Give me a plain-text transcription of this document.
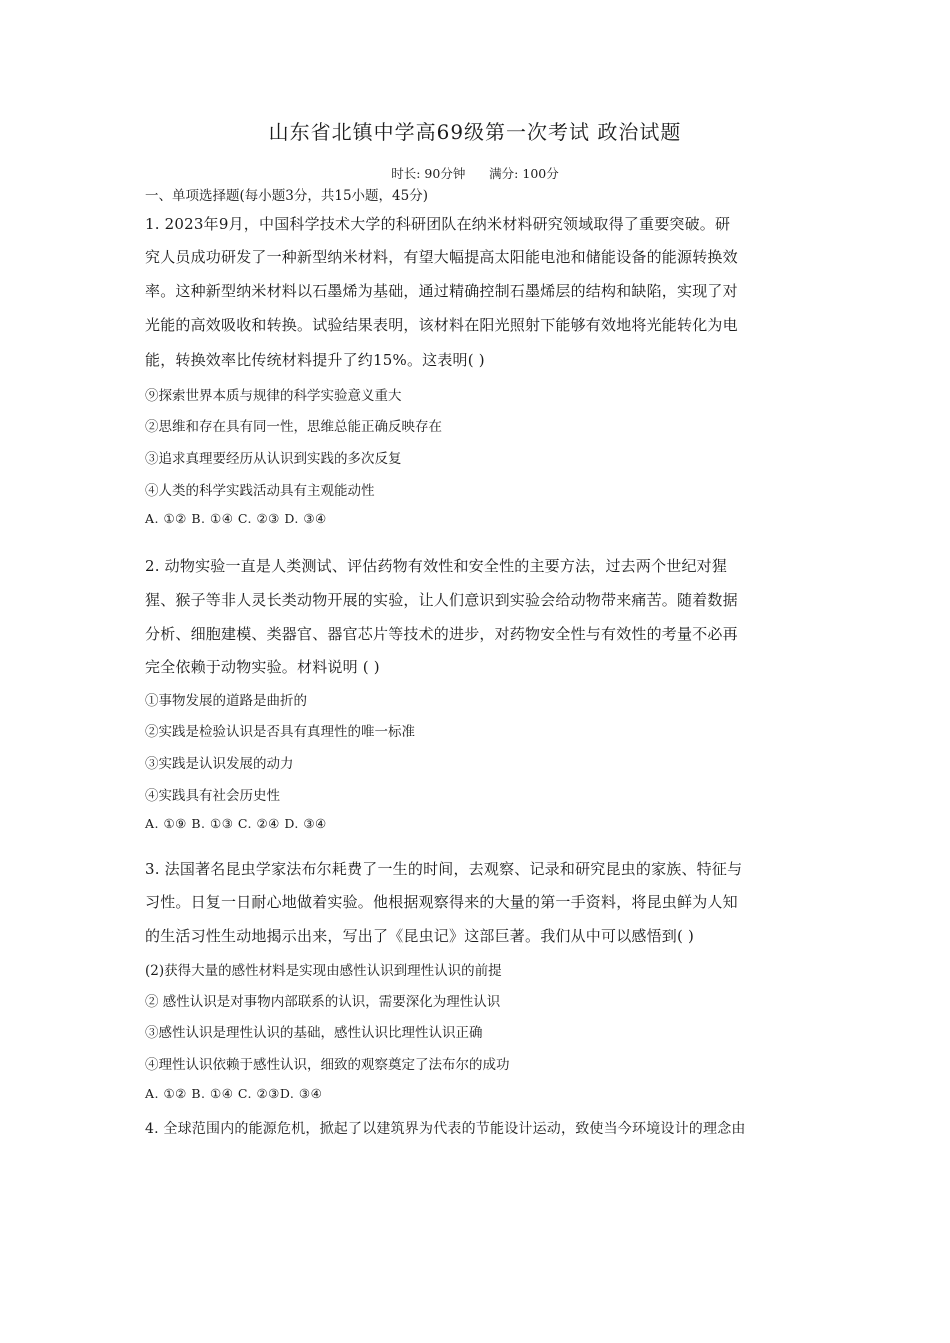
山东省北镇中学高69级第一次考试 政治试题
时长: 90分钟      满分: 100分
一、单项选择题(每小题3分，共15小题，45分)
1. 2023年9月，中国科学技术大学的科研团队在纳米材料研究领域取得了重要突破。研
究人员成功研发了一种新型纳米材料，有望大幅提高太阳能电池和储能设备的能源转换效
率。这种新型纳米材料以石墨烯为基础，通过精确控制石墨烯层的结构和缺陷，实现了对
光能的高效吸收和转换。试验结果表明，该材料在阳光照射下能够有效地将光能转化为电
能，转换效率比传统材料提升了约15%。这表明( )
⑨探索世界本质与规律的科学实验意义重大
②思维和存在具有同一性，思维总能正确反映存在
③追求真理要经历从认识到实践的多次反复
④人类的科学实践活动具有主观能动性
A. ①② B. ①④ C. ②③ D. ③④
2. 动物实验一直是人类测试、评估药物有效性和安全性的主要方法，过去两个世纪对猩
猩、猴子等非人灵长类动物开展的实验，让人们意识到实验会给动物带来痛苦。随着数据
分析、细胞建模、类器官、器官芯片等技术的进步，对药物安全性与有效性的考量不必再
完全依赖于动物实验。材料说明 ( )
①事物发展的道路是曲折的
②实践是检验认识是否具有真理性的唯一标准
③实践是认识发展的动力
④实践具有社会历史性
A. ①⑨ B. ①③ C. ②④ D. ③④
3. 法国著名昆虫学家法布尔耗费了一生的时间，去观察、记录和研究昆虫的家族、特征与
习性。日复一日耐心地做着实验。他根据观察得来的大量的第一手资料，将昆虫鲜为人知
的生活习性生动地揭示出来，写出了《昆虫记》这部巨著。我们从中可以感悟到( )
(2)获得大量的感性材料是实现由感性认识到理性认识的前提
② 感性认识是对事物内部联系的认识，需要深化为理性认识
③感性认识是理性认识的基础，感性认识比理性认识正确
④理性认识依赖于感性认识，细致的观察奠定了法布尔的成功
A. ①② B. ①④ C. ②③D. ③④
4. 全球范围内的能源危机，掀起了以建筑界为代表的节能设计运动，致使当今环境设计的理念由
